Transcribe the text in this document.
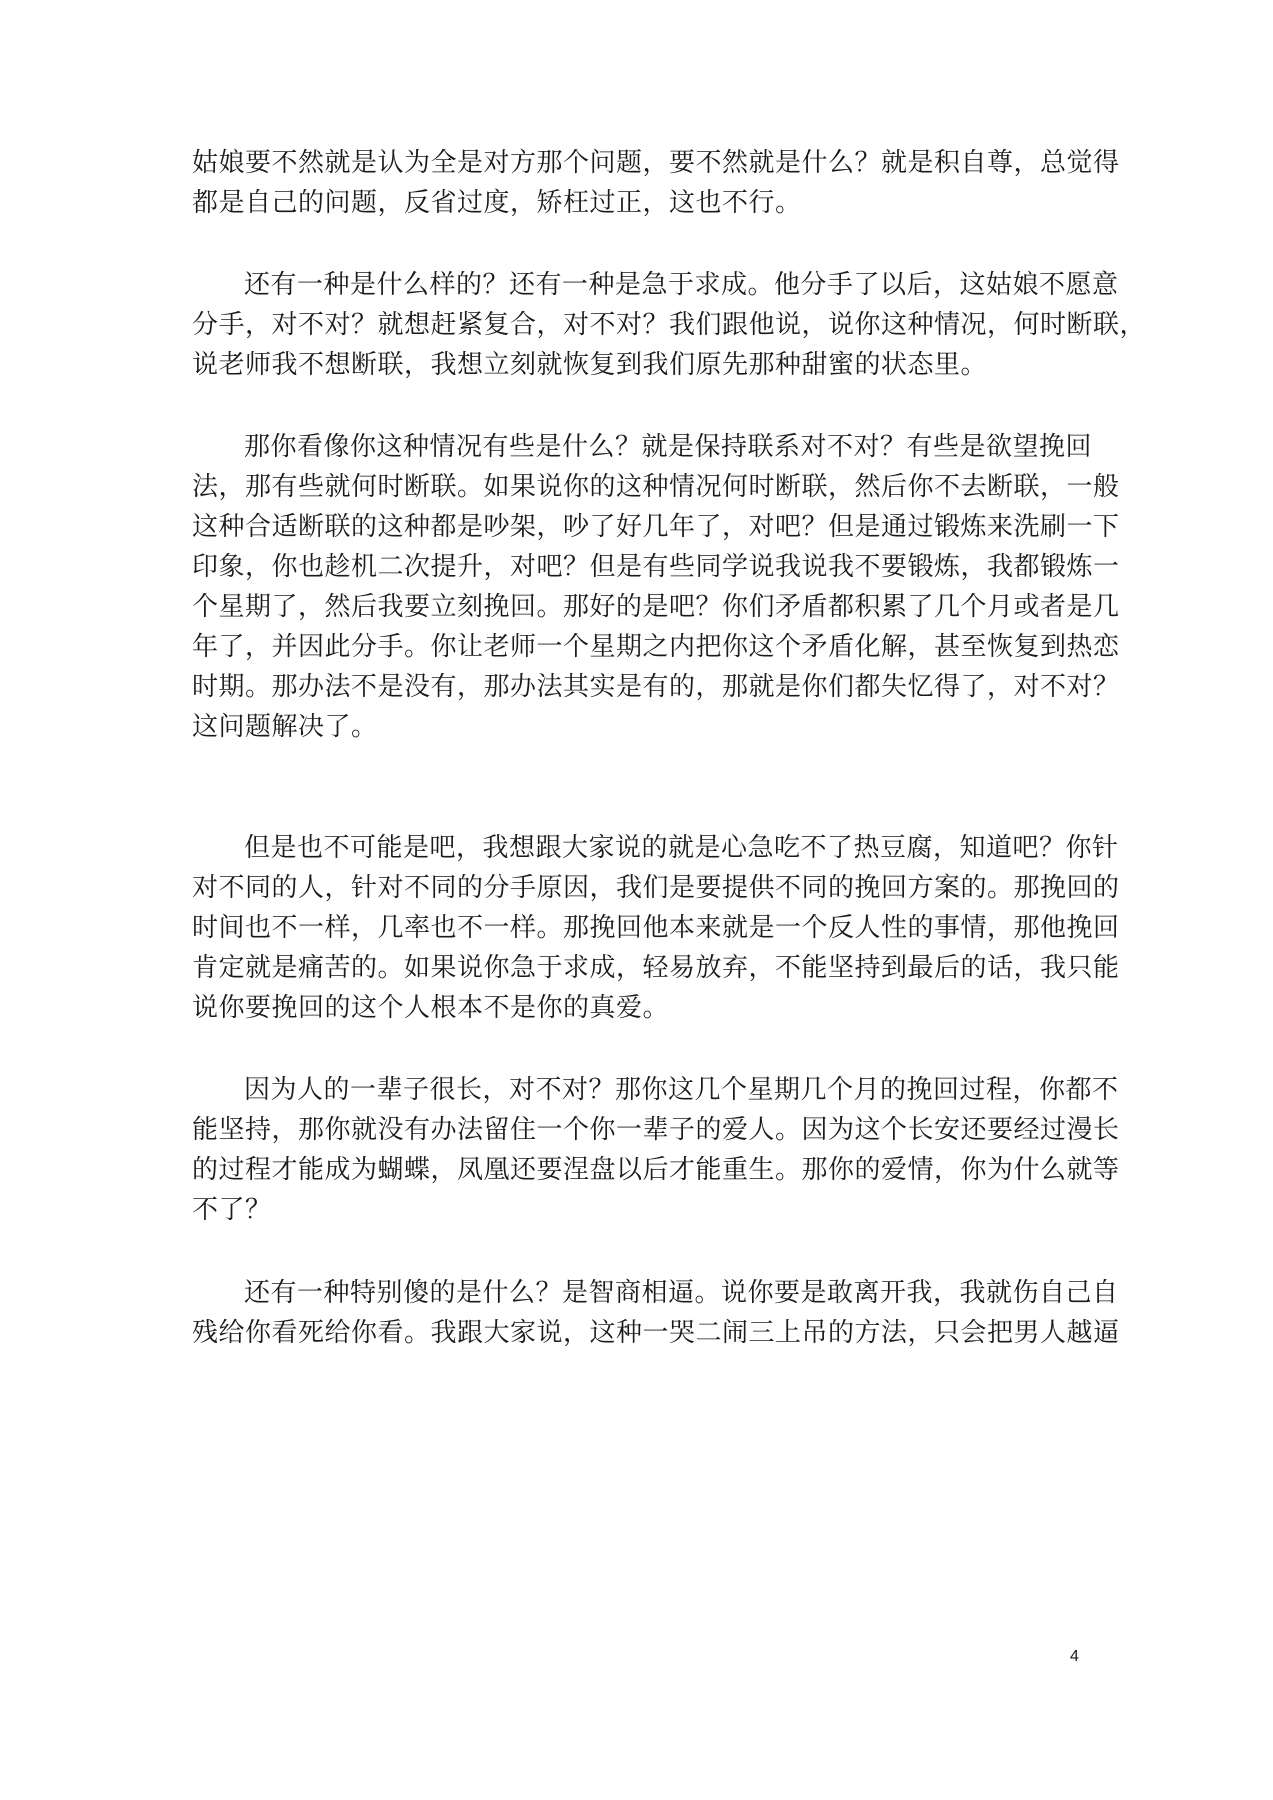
姑娘要不然就是认为全是对方那个问题，要不然就是什么？就是积自尊，总觉得
都是自己的问题，反省过度，矫枉过正，这也不行。
还有一种是什么样的？还有一种是急于求成。他分手了以后，这姑娘不愿意
分手，对不对？就想赶紧复合，对不对？我们跟他说，说你这种情况，何时断联，
说老师我不想断联，我想立刻就恢复到我们原先那种甜蜜的状态里。
那你看像你这种情况有些是什么？就是保持联系对不对？有些是欲望挽回
法，那有些就何时断联。如果说你的这种情况何时断联，然后你不去断联，一般
这种合适断联的这种都是吵架，吵了好几年了，对吧？但是通过锻炼来洗刷一下
印象，你也趁机二次提升，对吧？但是有些同学说我说我不要锻炼，我都锻炼一
个星期了，然后我要立刻挽回。那好的是吧？你们矛盾都积累了几个月或者是几
年了，并因此分手。你让老师一个星期之内把你这个矛盾化解，甚至恢复到热恋
时期。那办法不是没有，那办法其实是有的，那就是你们都失忆得了，对不对？
这问题解决了。
但是也不可能是吧，我想跟大家说的就是心急吃不了热豆腐，知道吧？你针
对不同的人，针对不同的分手原因，我们是要提供不同的挽回方案的。那挽回的
时间也不一样，几率也不一样。那挽回他本来就是一个反人性的事情，那他挽回
肯定就是痛苦的。如果说你急于求成，轻易放弃，不能坚持到最后的话，我只能
说你要挽回的这个人根本不是你的真爱。
因为人的一辈子很长，对不对？那你这几个星期几个月的挽回过程，你都不
能坚持，那你就没有办法留住一个你一辈子的爱人。因为这个长安还要经过漫长
的过程才能成为蝴蝶，凤凰还要涅盘以后才能重生。那你的爱情，你为什么就等
不了？
还有一种特别傻的是什么？是智商相逼。说你要是敢离开我，我就伤自己自
残给你看死给你看。我跟大家说，这种一哭二闹三上吊的方法，只会把男人越逼
4
